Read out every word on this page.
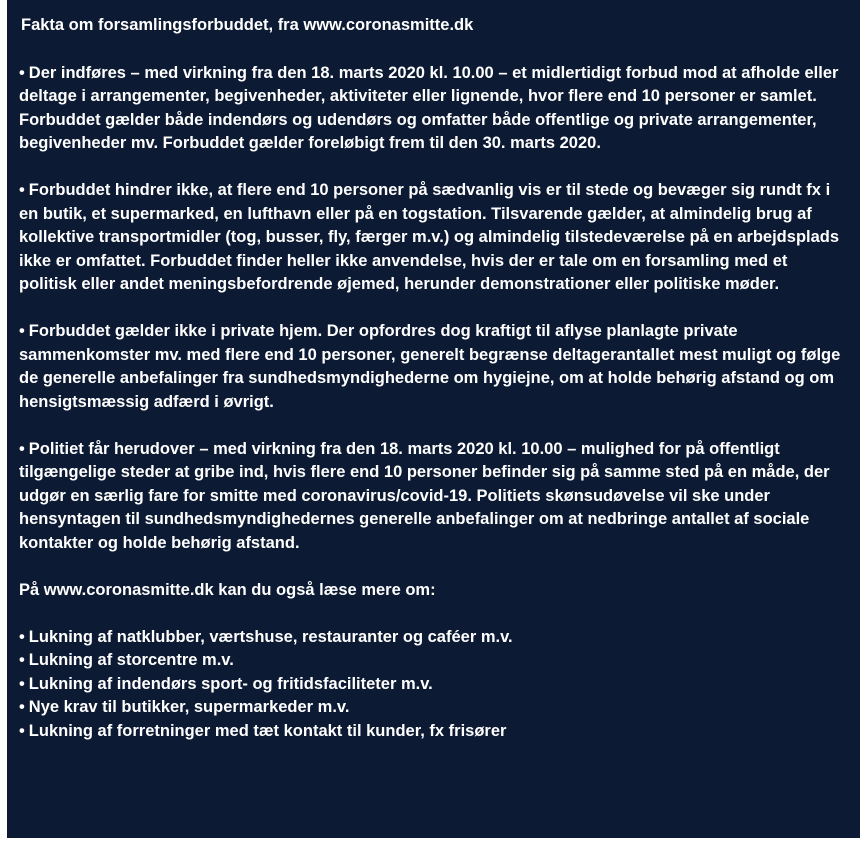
Fakta om forsamlingsforbuddet, fra www.coronasmitte.dk
• Der indføres – med virkning fra den 18. marts 2020 kl. 10.00 – et midlertidigt forbud mod at afholde eller deltage i arrangementer, begivenheder, aktiviteter eller lignende, hvor flere end 10 personer er samlet. Forbuddet gælder både indendørs og udendørs og omfatter både offentlige og private arrangementer, begivenheder mv. Forbuddet gælder foreløbigt frem til den 30. marts 2020.
• Forbuddet hindrer ikke, at flere end 10 personer på sædvanlig vis er til stede og bevæger sig rundt fx i en butik, et supermarked, en lufthavn eller på en togstation. Tilsvarende gælder, at almindelig brug af kollektive transportmidler (tog, busser, fly, færger m.v.) og almindelig tilstedeværelse på en arbejdsplads ikke er omfattet. Forbuddet finder heller ikke anvendelse, hvis der er tale om en forsamling med et politisk eller andet meningsbefordrende øjemed, herunder demonstrationer eller politiske møder.
• Forbuddet gælder ikke i private hjem. Der opfordres dog kraftigt til aflyse planlagte private sammenkomster mv. med flere end 10 personer, generelt begrænse deltagerantallet mest muligt og følge de generelle anbefalinger fra sundhedsmyndighederne om hygiejne, om at holde behørig afstand og om hensigtsmæssig adfærd i øvrigt.
• Politiet får herudover – med virkning fra den 18. marts 2020 kl. 10.00 – mulighed for på offentligt tilgængelige steder at gribe ind, hvis flere end 10 personer befinder sig på samme sted på en måde, der udgør en særlig fare for smitte med coronavirus/covid-19. Politiets skønsudøvelse vil ske under hensyntagen til sundhedsmyndighedernes generelle anbefalinger om at nedbringe antallet af sociale kontakter og holde behørig afstand.
På www.coronasmitte.dk kan du også læse mere om:
• Lukning af natklubber, værtshuse, restauranter og caféer m.v.
• Lukning af storcentre m.v.
• Lukning af indendørs sport- og fritidsfaciliteter m.v.
• Nye krav til butikker, supermarkeder m.v.
• Lukning af forretninger med tæt kontakt til kunder, fx frisører
